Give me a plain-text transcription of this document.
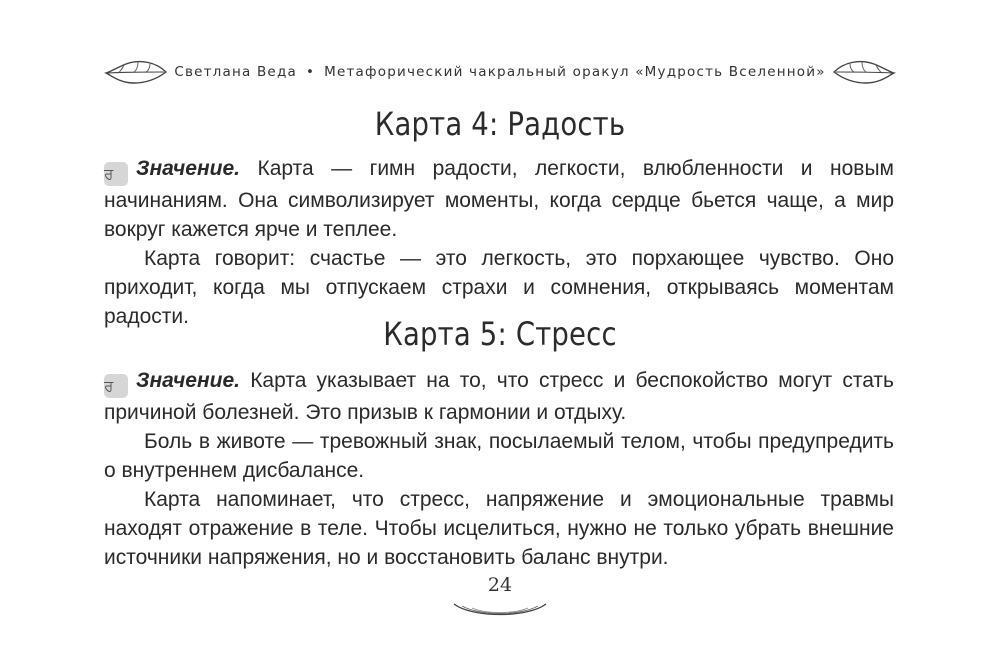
Светлана Веда • Метафорический чакральный оракул «Мудрость Вселенной»
Карта 4: Радость

ਰ Значение. Карта — гимн радости, легкости, влюбленности и новым начинаниям. Она символизирует моменты, когда сердце бьется чаще, а мир вокруг кажется ярче и теплее.

Карта говорит: счастье — это легкость, это порхающее чувство. Оно приходит, когда мы отпускаем страхи и сомнения, открываясь моментам радости.	Карта 5: Стресс

ਰ Значение. Карта указывает на то, что стресс и беспокойство могут стать причиной болезней. Это призыв к гармонии и отдыху.

Боль в животе — тревожный знак, посылаемый телом, чтобы предупредить о внутреннем дисбалансе.

Карта напоминает, что стресс, напряжение и эмоциональные травмы находят отражение в теле. Чтобы исцелиться, нужно не только убрать внешние источники напряжения, но и восстановить баланс внутри.

24
